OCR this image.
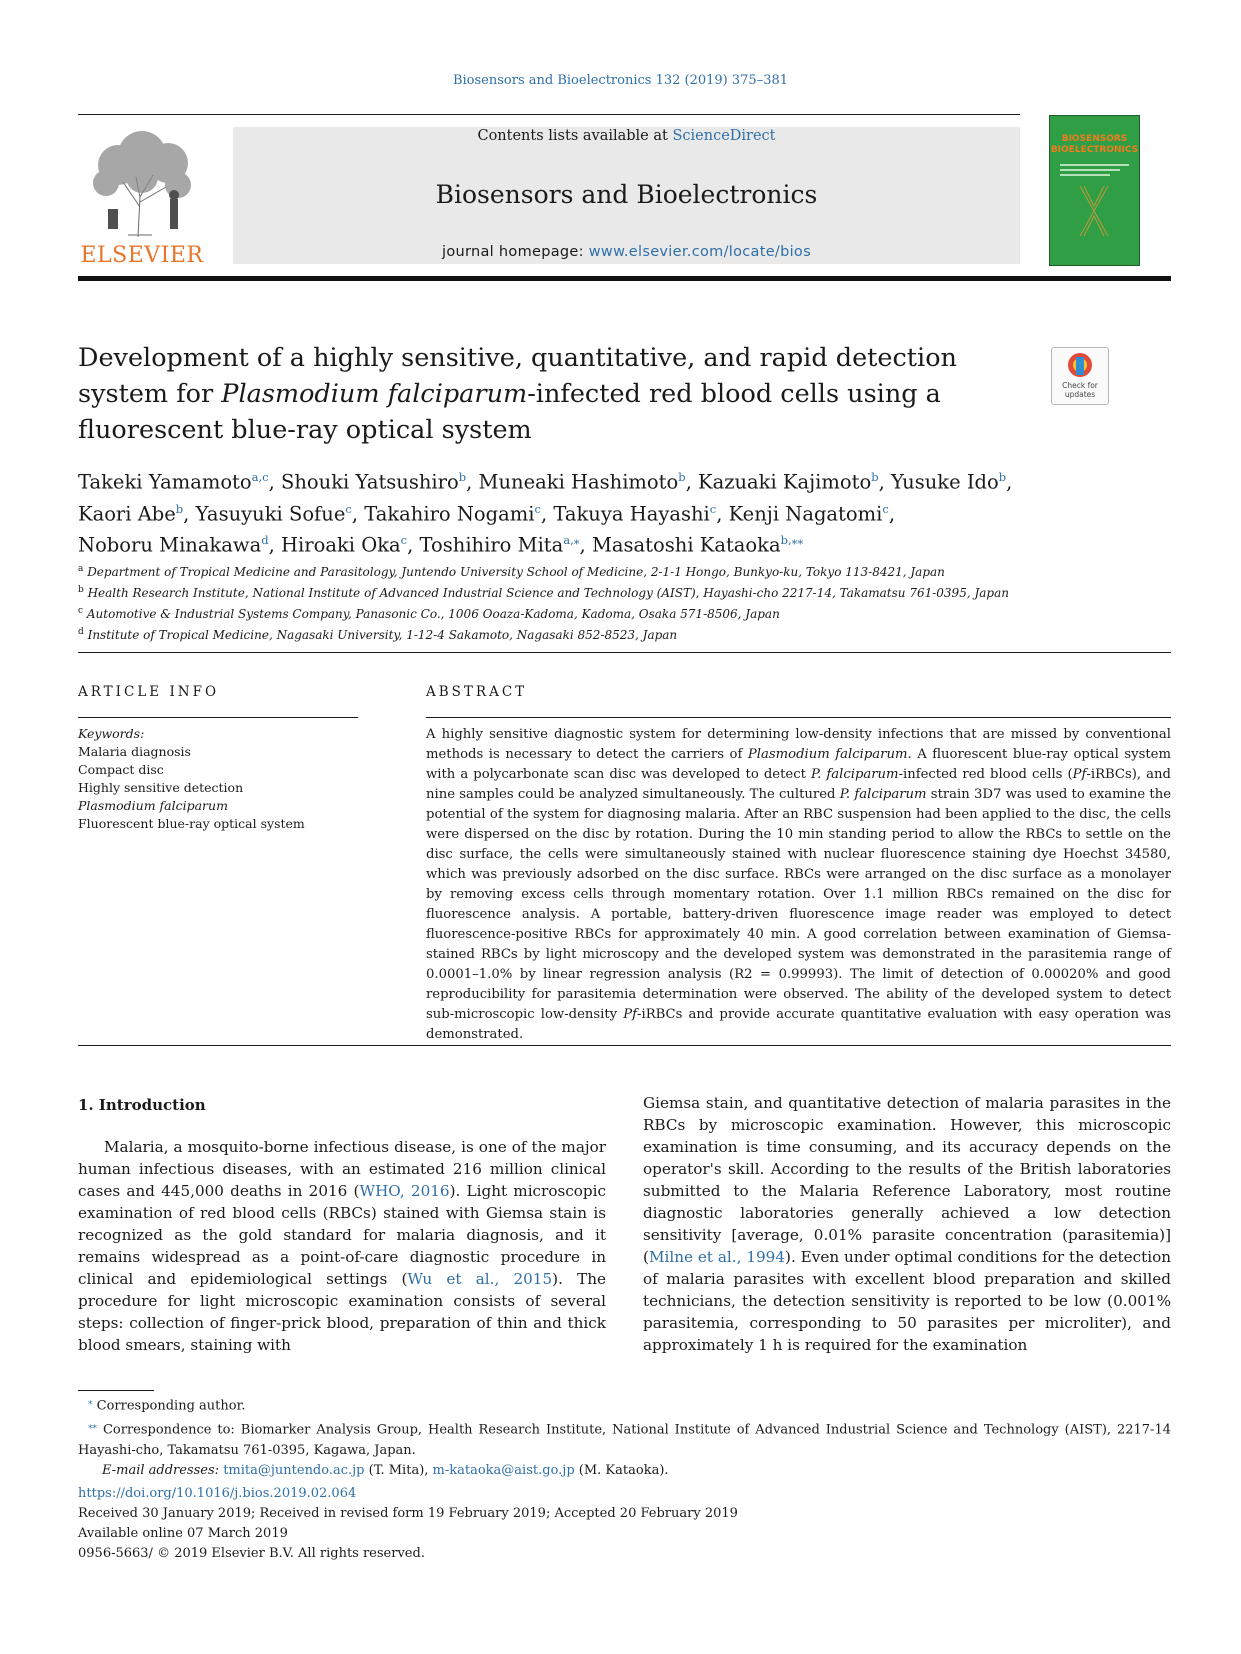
Biosensors and Bioelectronics 132 (2019) 375–381
ELSEVIER
Contents lists available at ScienceDirect
Biosensors and Bioelectronics
journal homepage: www.elsevier.com/locate/bios
BIOSENSORS
BIOELECTRONICS
Development of a highly sensitive, quantitative, and rapid detection system for Plasmodium falciparum-infected red blood cells using a fluorescent blue-ray optical system
Check for
updates
Takeki Yamamoto$^{a,c}$, Shouki Yatsushiro$^b$, Muneaki Hashimoto$^b$, Kazuaki Kajimoto$^b$, Yusuke Ido$^b$,
Kaori Abe$^b$, Yasuyuki Sofue$^c$, Takahiro Nogami$^c$, Takuya Hayashi$^c$, Kenji Nagatomi$^c$,
Noboru Minakawa$^d$, Hiroaki Oka$^c$, Toshihiro Mita$^{a,⁎}$, Masatoshi Kataoka$^{b,⁎⁎}$
$^a$ Department of Tropical Medicine and Parasitology, Juntendo University School of Medicine, 2-1-1 Hongo, Bunkyo-ku, Tokyo 113-8421, Japan
$^b$ Health Research Institute, National Institute of Advanced Industrial Science and Technology (AIST), Hayashi-cho 2217-14, Takamatsu 761-0395, Japan
$^c$ Automotive & Industrial Systems Company, Panasonic Co., 1006 Ooaza-Kadoma, Kadoma, Osaka 571-8506, Japan
$^d$ Institute of Tropical Medicine, Nagasaki University, 1-12-4 Sakamoto, Nagasaki 852-8523, Japan
ARTICLE INFO
Keywords:
Malaria diagnosis
Compact disc
Highly sensitive detection
Plasmodium falciparum
Fluorescent blue-ray optical system
ABSTRACT
A highly sensitive diagnostic system for determining low-density infections that are missed by conventional methods is necessary to detect the carriers of Plasmodium falciparum. A fluorescent blue-ray optical system with a polycarbonate scan disc was developed to detect P. falciparum-infected red blood cells (Pf-iRBCs), and nine samples could be analyzed simultaneously. The cultured P. falciparum strain 3D7 was used to examine the potential of the system for diagnosing malaria. After an RBC suspension had been applied to the disc, the cells were dispersed on the disc by rotation. During the 10 min standing period to allow the RBCs to settle on the disc surface, the cells were simultaneously stained with nuclear fluorescence staining dye Hoechst 34580, which was previously adsorbed on the disc surface. RBCs were arranged on the disc surface as a monolayer by removing excess cells through momentary rotation. Over 1.1 million RBCs remained on the disc for fluorescence analysis. A portable, battery-driven fluorescence image reader was employed to detect fluorescence-positive RBCs for approximately 40 min. A good correlation between examination of Giemsa-stained RBCs by light microscopy and the developed system was demonstrated in the parasitemia range of 0.0001–1.0% by linear regression analysis (R2 = 0.99993). The limit of detection of 0.00020% and good reproducibility for parasitemia determination were observed. The ability of the developed system to detect sub-microscopic low-density Pf-iRBCs and provide accurate quantitative evaluation with easy operation was demonstrated.
1. Introduction
Malaria, a mosquito-borne infectious disease, is one of the major human infectious diseases, with an estimated 216 million clinical cases and 445,000 deaths in 2016 (WHO, 2016). Light microscopic examination of red blood cells (RBCs) stained with Giemsa stain is recognized as the gold standard for malaria diagnosis, and it remains widespread as a point-of-care diagnostic procedure in clinical and epidemiological settings (Wu et al., 2015). The procedure for light microscopic examination consists of several steps: collection of finger-prick blood, preparation of thin and thick blood smears, staining with
Giemsa stain, and quantitative detection of malaria parasites in the RBCs by microscopic examination. However, this microscopic examination is time consuming, and its accuracy depends on the operator's skill. According to the results of the British laboratories submitted to the Malaria Reference Laboratory, most routine diagnostic laboratories generally achieved a low detection sensitivity [average, 0.01% parasite concentration (parasitemia)] (Milne et al., 1994). Even under optimal conditions for the detection of malaria parasites with excellent blood preparation and skilled technicians, the detection sensitivity is reported to be low (0.001% parasitemia, corresponding to 50 parasites per microliter), and approximately 1 h is required for the examination
⁎ Corresponding author.
⁎⁎ Correspondence to: Biomarker Analysis Group, Health Research Institute, National Institute of Advanced Industrial Science and Technology (AIST), 2217-14 Hayashi-cho, Takamatsu 761-0395, Kagawa, Japan.
E-mail addresses: tmita@juntendo.ac.jp (T. Mita), m-kataoka@aist.go.jp (M. Kataoka).
https://doi.org/10.1016/j.bios.2019.02.064
Received 30 January 2019; Received in revised form 19 February 2019; Accepted 20 February 2019
Available online 07 March 2019
0956-5663/ © 2019 Elsevier B.V. All rights reserved.
